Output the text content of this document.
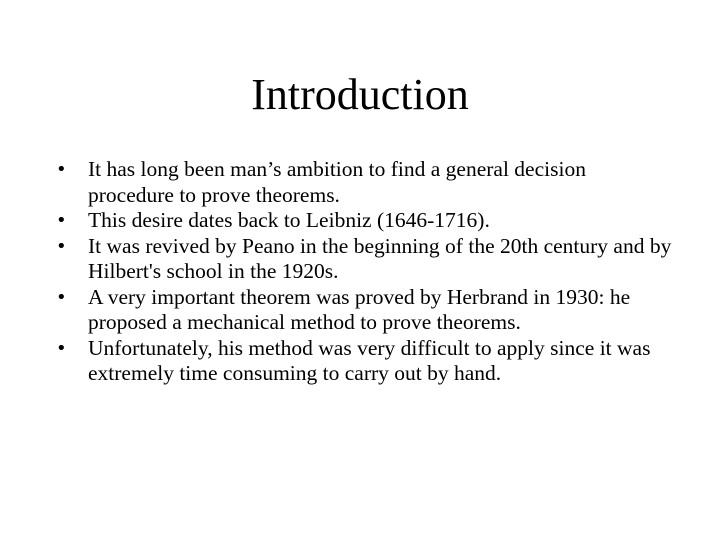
Introduction
• It has long been man’s ambition to find a general decision procedure to prove theorems.
• This desire dates back to Leibniz (1646-1716).
• It was revived by Peano in the beginning of the 20th century and by Hilbert's school in the 1920s.
• A very important theorem was proved by Herbrand in 1930: he proposed a mechanical method to prove theorems.
• Unfortunately, his method was very difficult to apply since it was extremely time consuming to carry out by hand.
